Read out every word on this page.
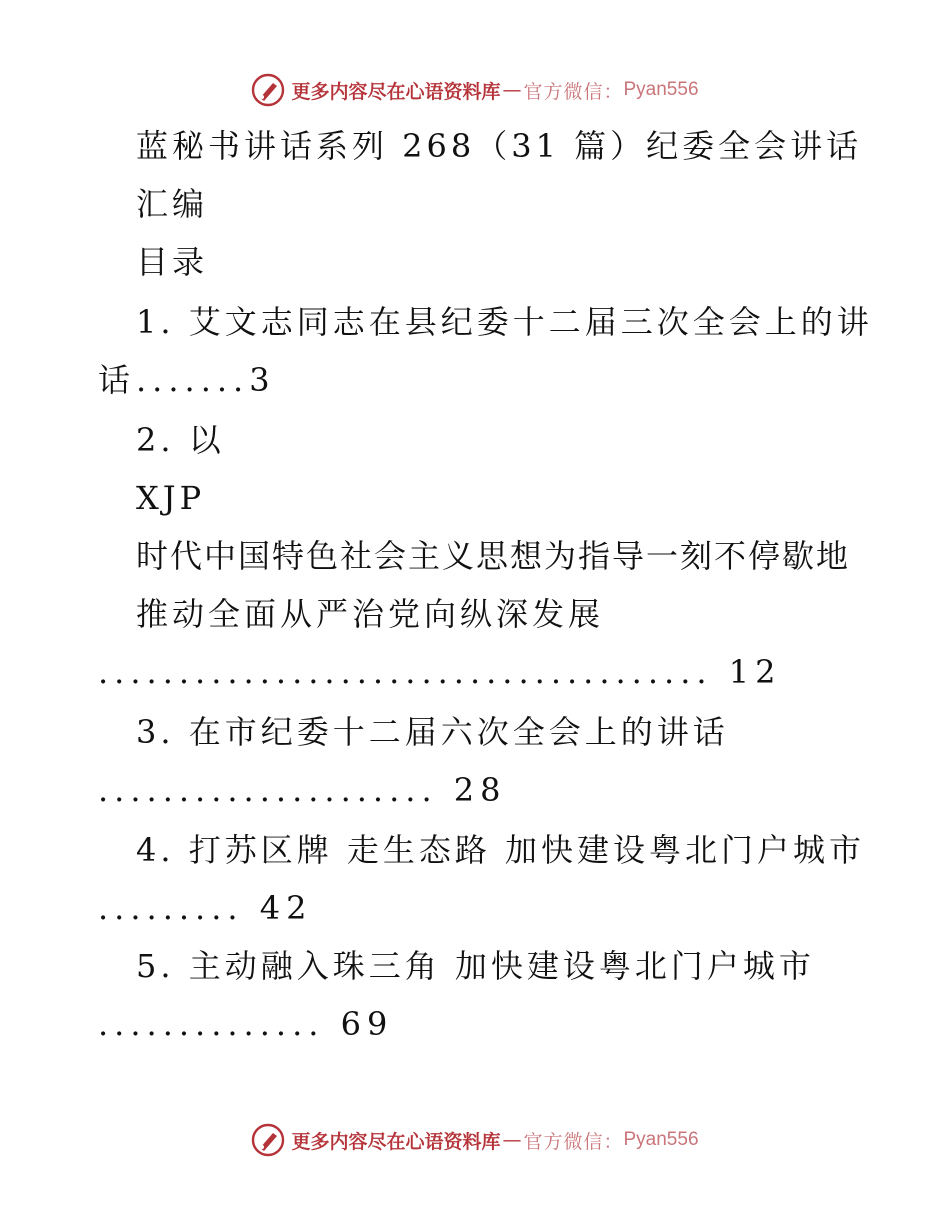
更多内容尽在心语资料库 — 官方微信： Pyan556
蓝秘书讲话系列 268（31 篇）纪委全会讲话
汇编
目录
1. 艾文志同志在县纪委十二届三次全会上的讲
话.......3
2. 以
XJP
时代中国特色社会主义思想为指导一刻不停歇地
推动全面从严治党向纵深发展
...................................... 12
3. 在市纪委十二届六次全会上的讲话
..................... 28
4. 打苏区牌 走生态路 加快建设粤北门户城市
......... 42
5. 主动融入珠三角 加快建设粤北门户城市
.............. 69
更多内容尽在心语资料库 — 官方微信： Pyan556
